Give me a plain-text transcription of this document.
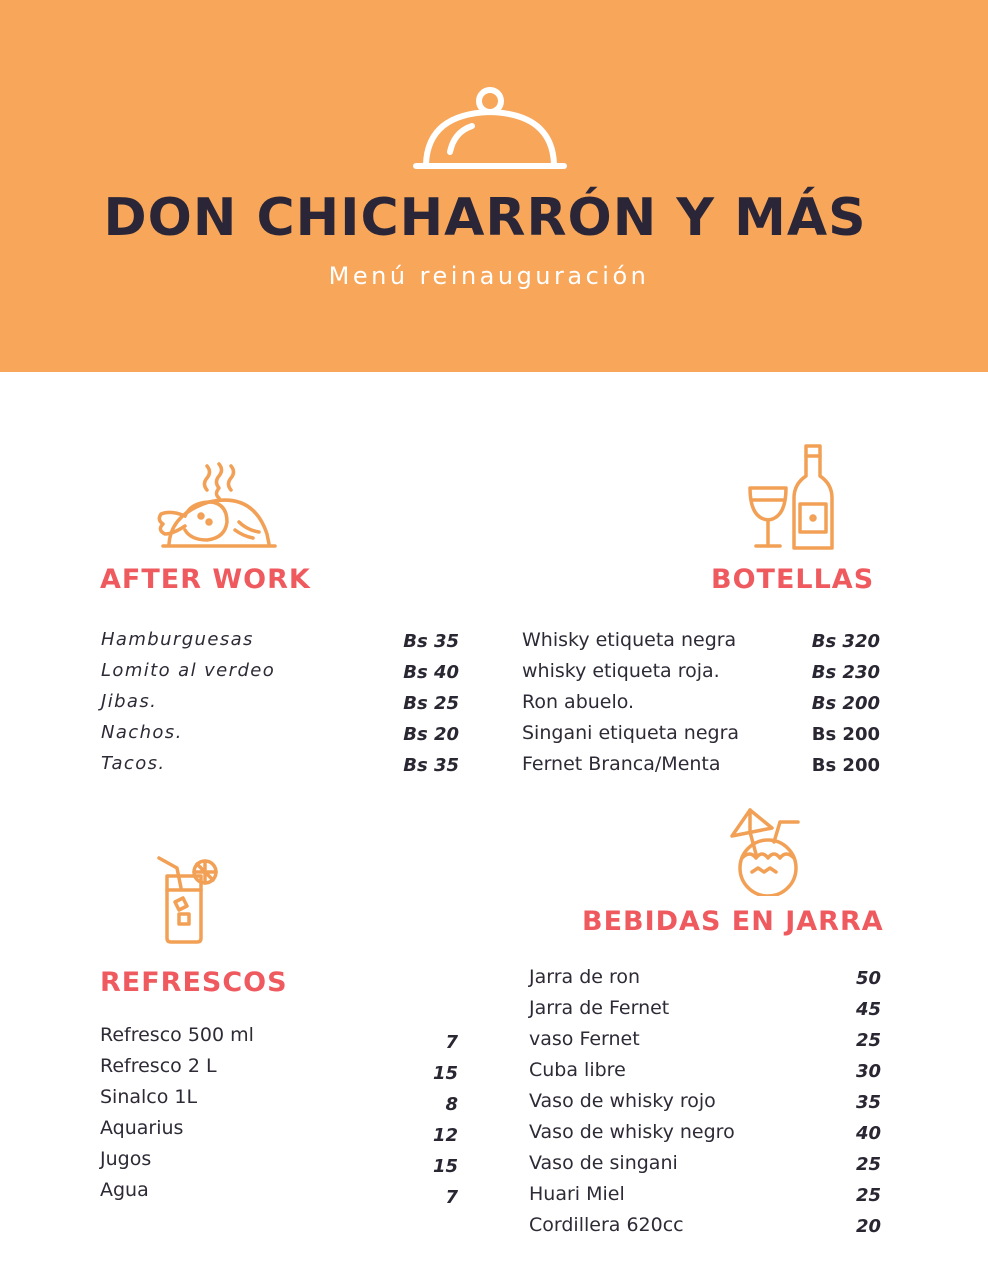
DON CHICHARRÓN Y MÁS
Menú reinauguración
AFTER WORK
Hamburguesas	Bs 35
Lomito al verdeo	Bs 40
Jibas.	Bs 25
Nachos.	Bs 20
Tacos.	Bs 35
BOTELLAS
Whisky etiqueta negra	Bs 320
whisky etiqueta roja.	Bs 230
Ron abuelo.	Bs 200
Singani etiqueta negra	Bs 200
Fernet Branca/Menta	Bs 200
REFRESCOS
Refresco 500 ml	7
Refresco 2 L	15
Sinalco 1L	8
Aquarius	12
Jugos	15
Agua	7
BEBIDAS EN JARRA
Jarra de ron	50
Jarra de Fernet	45
vaso Fernet	25
Cuba libre	30
Vaso de whisky rojo	35
Vaso de whisky negro	40
Vaso de singani	25
Huari Miel	25
Cordillera 620cc	20
